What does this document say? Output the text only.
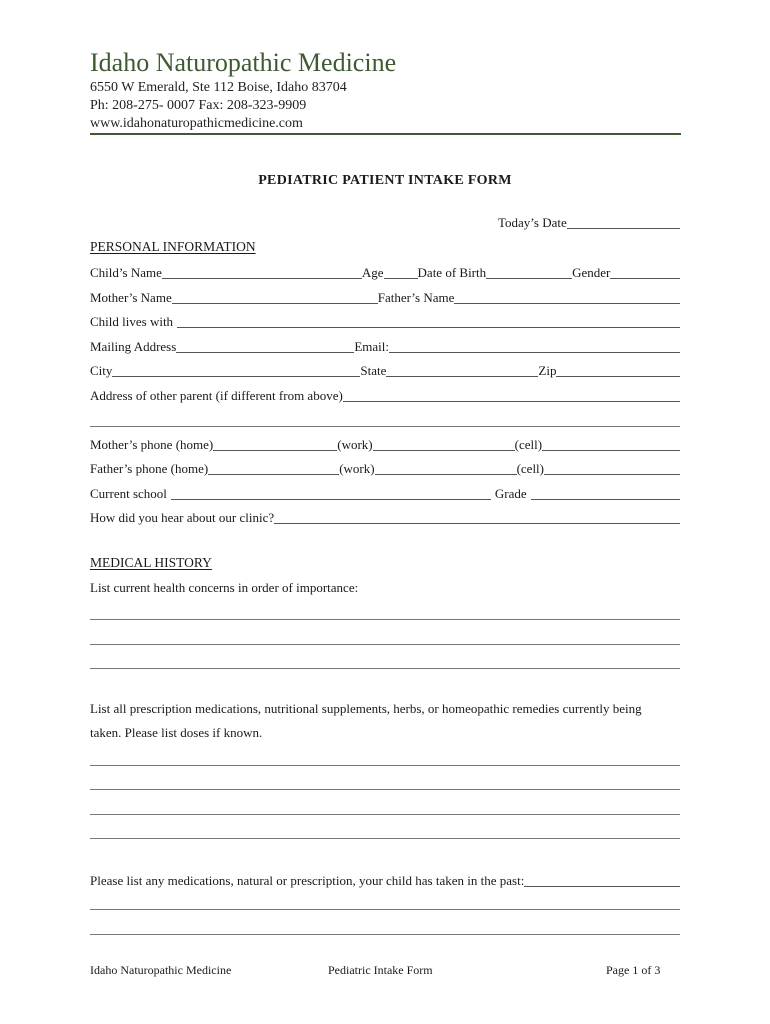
Idaho Naturopathic Medicine
6550 W Emerald, Ste 112 Boise, Idaho 83704
Ph: 208-275- 0007 Fax: 208-323-9909
www.idahonaturopathicmedicine.com
PEDIATRIC PATIENT INTAKE FORM
Today’s Date
PERSONAL INFORMATION
Child’s Name	Age	Date of Birth	Gender
Mother’s Name	Father’s Name
Child lives with
Mailing Address	Email:
City	State	Zip
Address of other parent (if different from above)
Mother’s phone (home)	(work)	(cell)
Father’s phone (home)	(work)	(cell)
Current school	Grade
How did you hear about our clinic?
MEDICAL HISTORY
List current health concerns in order of importance:
List all prescription medications, nutritional supplements, herbs, or homeopathic remedies currently being
taken. Please list doses if known.
Please list any medications, natural or prescription, your child has taken in the past:
Idaho Naturopathic Medicine	Pediatric Intake Form	Page 1 of 3
